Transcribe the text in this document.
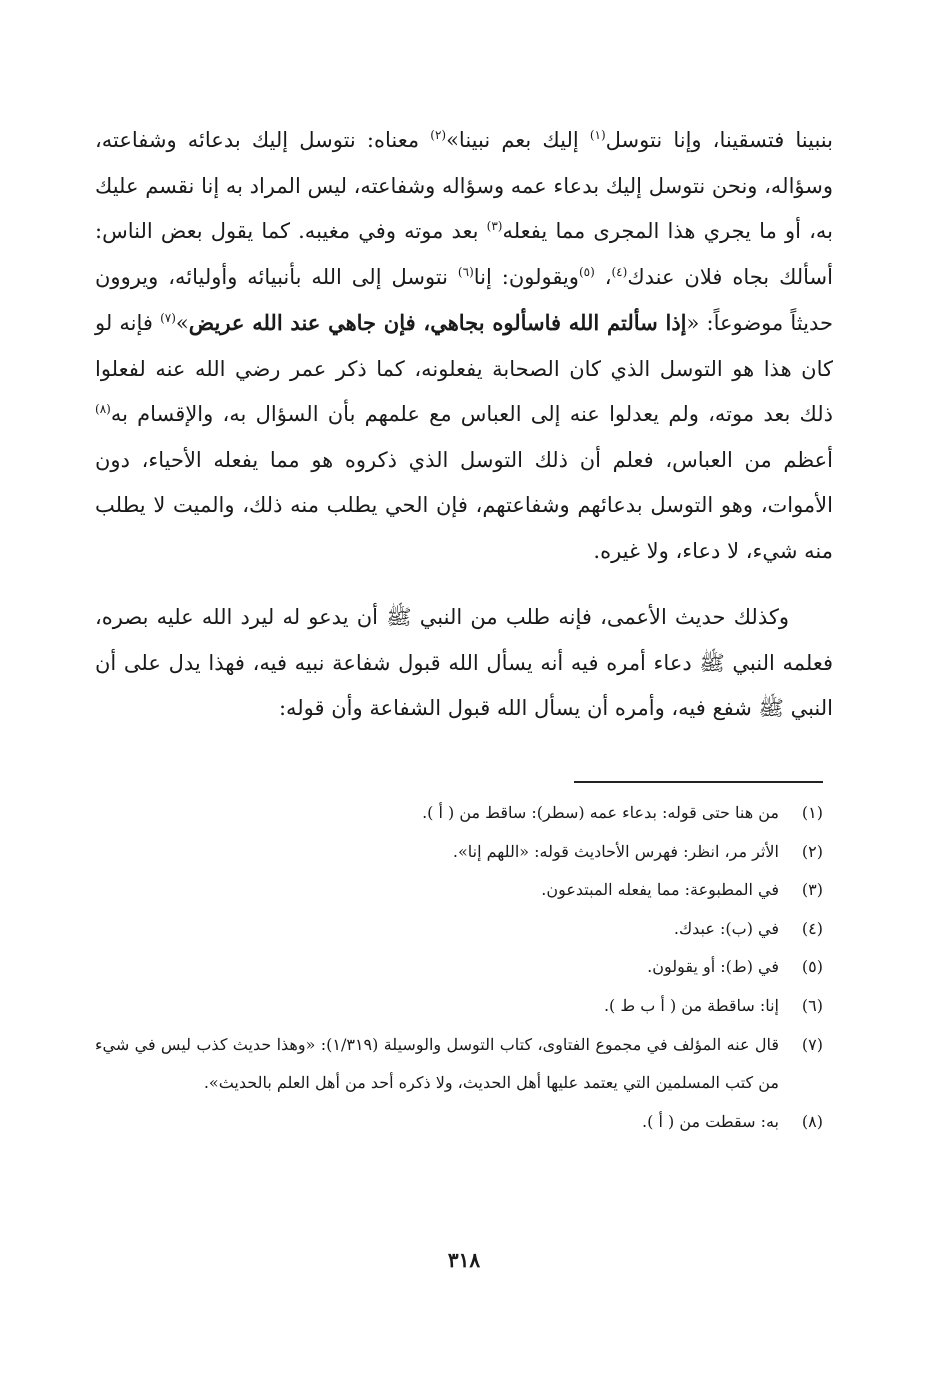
بنبينا فتسقينا، وإنا نتوسل$^{(١)}$ إليك بعم نبينا»$^{(٢)}$ معناه: نتوسل إليك بدعائه وشفاعته، وسؤاله، ونحن نتوسل إليك بدعاء عمه وسؤاله وشفاعته، ليس المراد به إنا نقسم عليك به، أو ما يجري هذا المجرى مما يفعله$^{(٣)}$ بعد موته وفي مغيبه. كما يقول بعض الناس: أسألك بجاه فلان عندك$^{(٤)}$، $^{(٥)}$ويقولون: إنا$^{(٦)}$ نتوسل إلى الله بأنبيائه وأوليائه، ويروون حديثاً موضوعاً: «إذا سألتم الله فاسألوه بجاهي، فإن جاهي عند الله عريض»$^{(٧)}$ فإنه لو كان هذا هو التوسل الذي كان الصحابة يفعلونه، كما ذكر عمر رضي الله عنه لفعلوا ذلك بعد موته، ولم يعدلوا عنه إلى العباس مع علمهم بأن السؤال به، والإقسام به$^{(٨)}$ أعظم من العباس، فعلم أن ذلك التوسل الذي ذكروه هو مما يفعله الأحياء، دون الأموات، وهو التوسل بدعائهم وشفاعتهم، فإن الحي يطلب منه ذلك، والميت لا يطلب منه شيء، لا دعاء، ولا غيره.

وكذلك حديث الأعمى، فإنه طلب من النبي ﷺ أن يدعو له ليرد الله عليه بصره، فعلمه النبي ﷺ دعاء أمره فيه أنه يسأل الله قبول شفاعة نبيه فيه، فهذا يدل على أن النبي ﷺ شفع فيه، وأمره أن يسأل الله قبول الشفاعة وأن قوله:

(١)
من هنا حتى قوله: بدعاء عمه (سطر): ساقط من ( أ ).
(٢)
الأثر مر، انظر: فهرس الأحاديث قوله: «اللهم إنا».
(٣)
في المطبوعة: مما يفعله المبتدعون.
(٤)
في (ب): عبدك.
(٥)
في (ط): أو يقولون.
(٦)
إنا: ساقطة من ( أ ب ط ).
(٧)
قال عنه المؤلف في مجموع الفتاوى، كتاب التوسل والوسيلة (١/٣١٩): «وهذا حديث كذب ليس في شيء من كتب المسلمين التي يعتمد عليها أهل الحديث، ولا ذكره أحد من أهل العلم بالحديث».
(٨)
به: سقطت من ( أ ).
٣١٨
